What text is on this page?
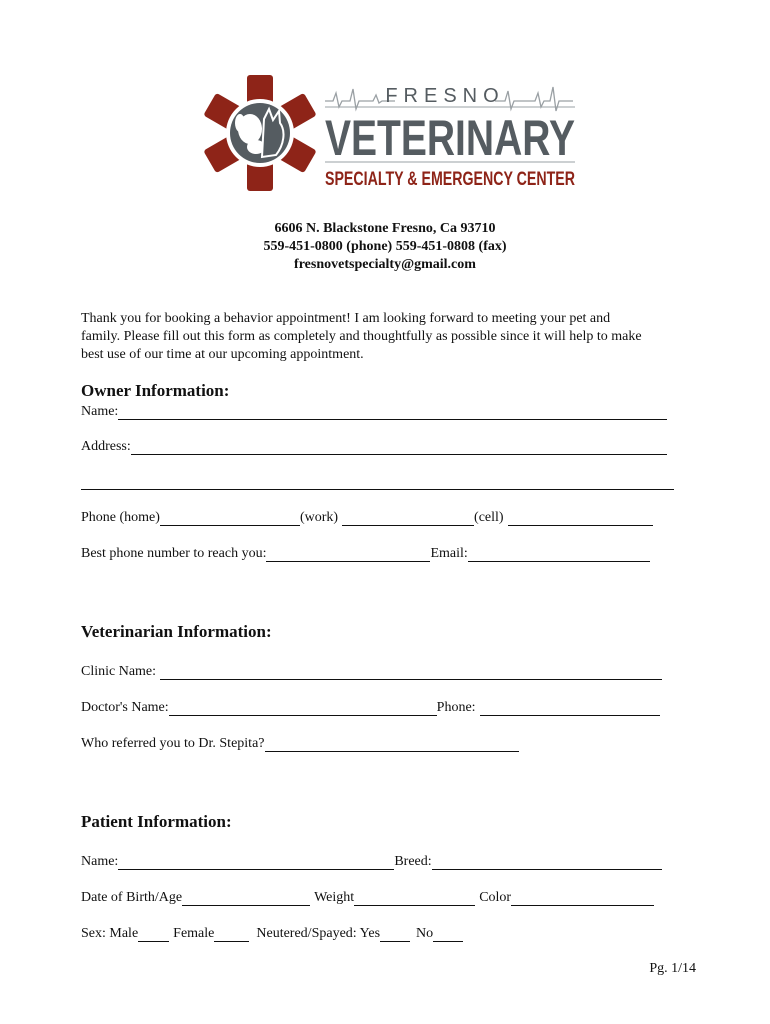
FRESNO
VETERINARY
SPECIALTY & EMERGENCY CENTER
6606 N. Blackstone Fresno, Ca 93710
559-451-0800 (phone) 559-451-0808 (fax)
fresnovetspecialty@gmail.com
Thank you for booking a behavior appointment! I am looking forward to meeting your pet and
family. Please fill out this form as completely and thoughtfully as possible since it will help to make
best use of our time at our upcoming appointment.
Owner Information:
Name:
Address:
Phone (home)	(work)	(cell)
Best phone number to reach you:	Email:
Veterinarian Information:
Clinic Name:
Doctor's Name:	Phone:
Who referred you to Dr. Stepita?
Patient Information:
Name:	Breed:
Date of Birth/Age	Weight	Color
Sex: Male	Female	Neutered/Spayed: Yes	No
Pg. 1/14
